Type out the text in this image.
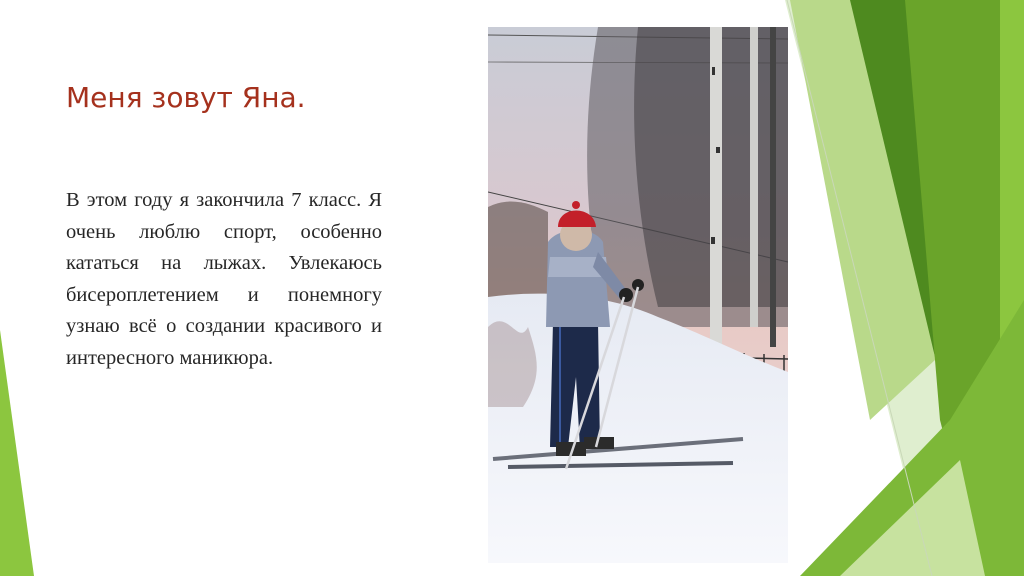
Меня зовут Яна.

В этом году я закончила 7 класс. Я очень люблю спорт, особенно кататься на лыжах. Увлекаюсь бисероплетением и понемногу узнаю всё о создании красивого и интересного маникюра.
